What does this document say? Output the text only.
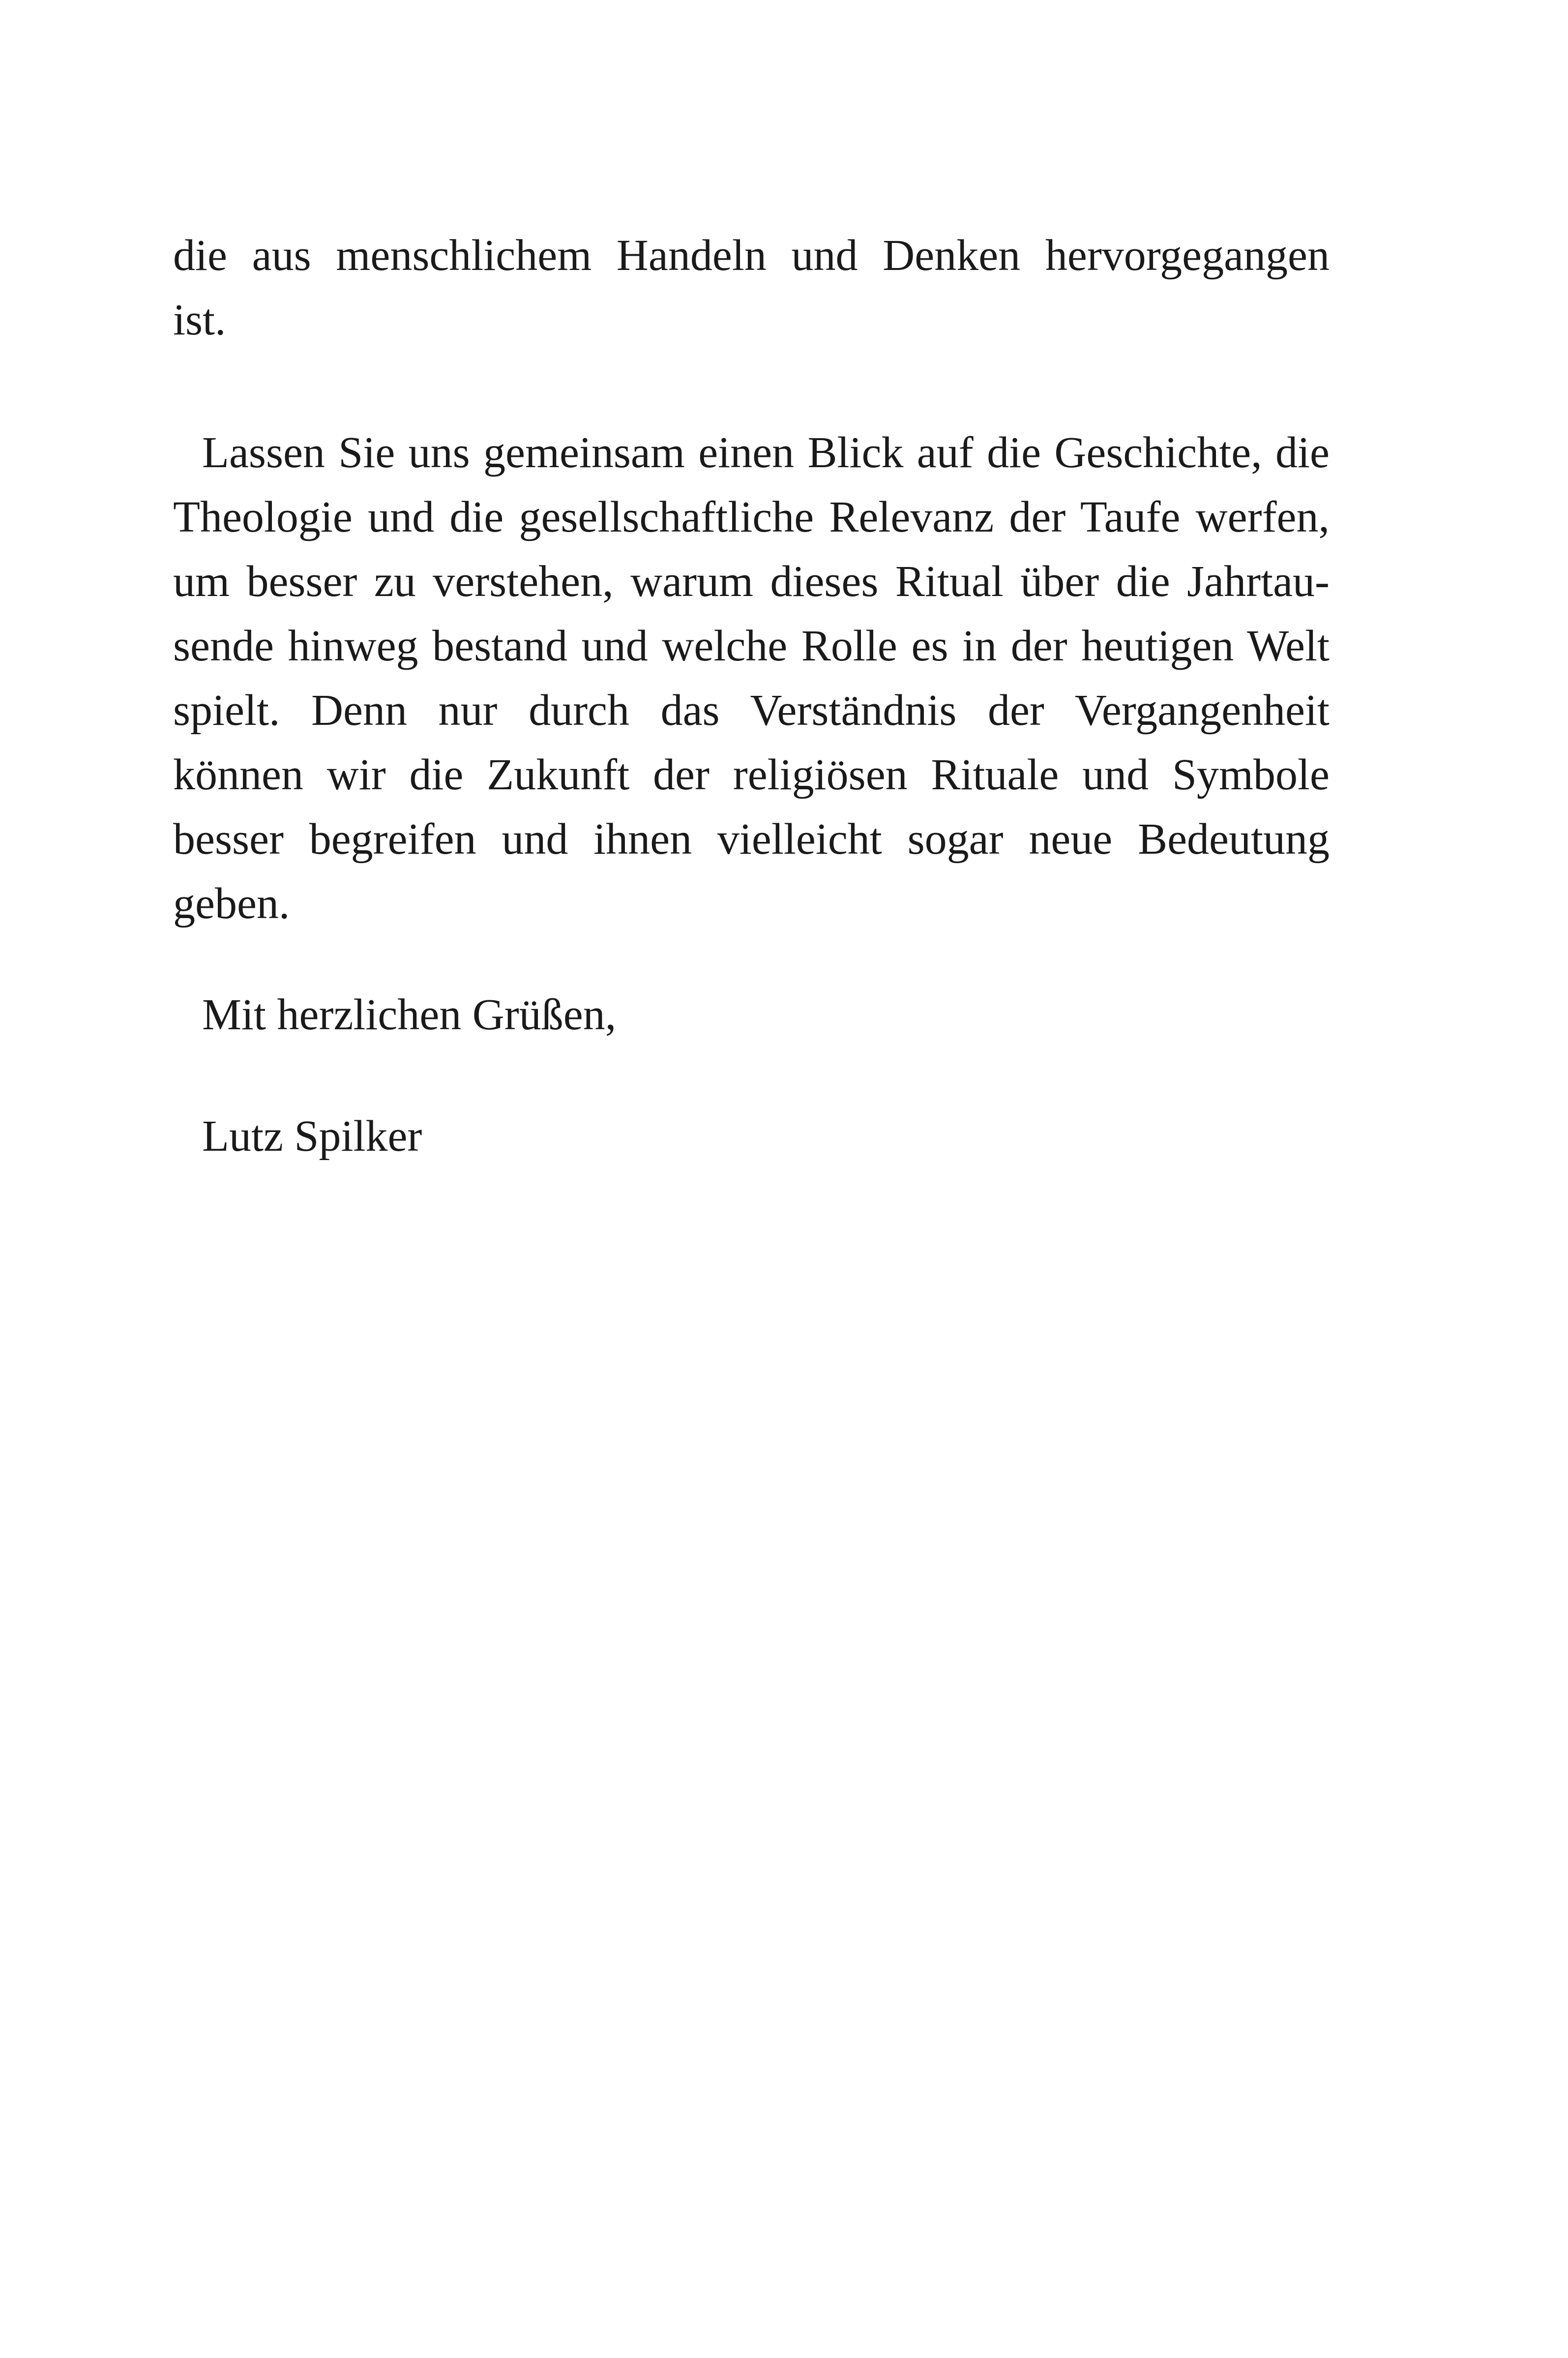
die aus menschlichem Handeln und Denken hervorgegangen
ist.
Lassen Sie uns gemeinsam einen Blick auf die Geschichte, die
Theologie und die gesellschaftliche Relevanz der Taufe werfen,
um besser zu verstehen, warum dieses Ritual über die Jahrtau-
sende hinweg bestand und welche Rolle es in der heutigen Welt
spielt. Denn nur durch das Verständnis der Vergangenheit
können wir die Zukunft der religiösen Rituale und Symbole
besser begreifen und ihnen vielleicht sogar neue Bedeutung
geben.

Mit herzlichen Grüßen,

Lutz Spilker
